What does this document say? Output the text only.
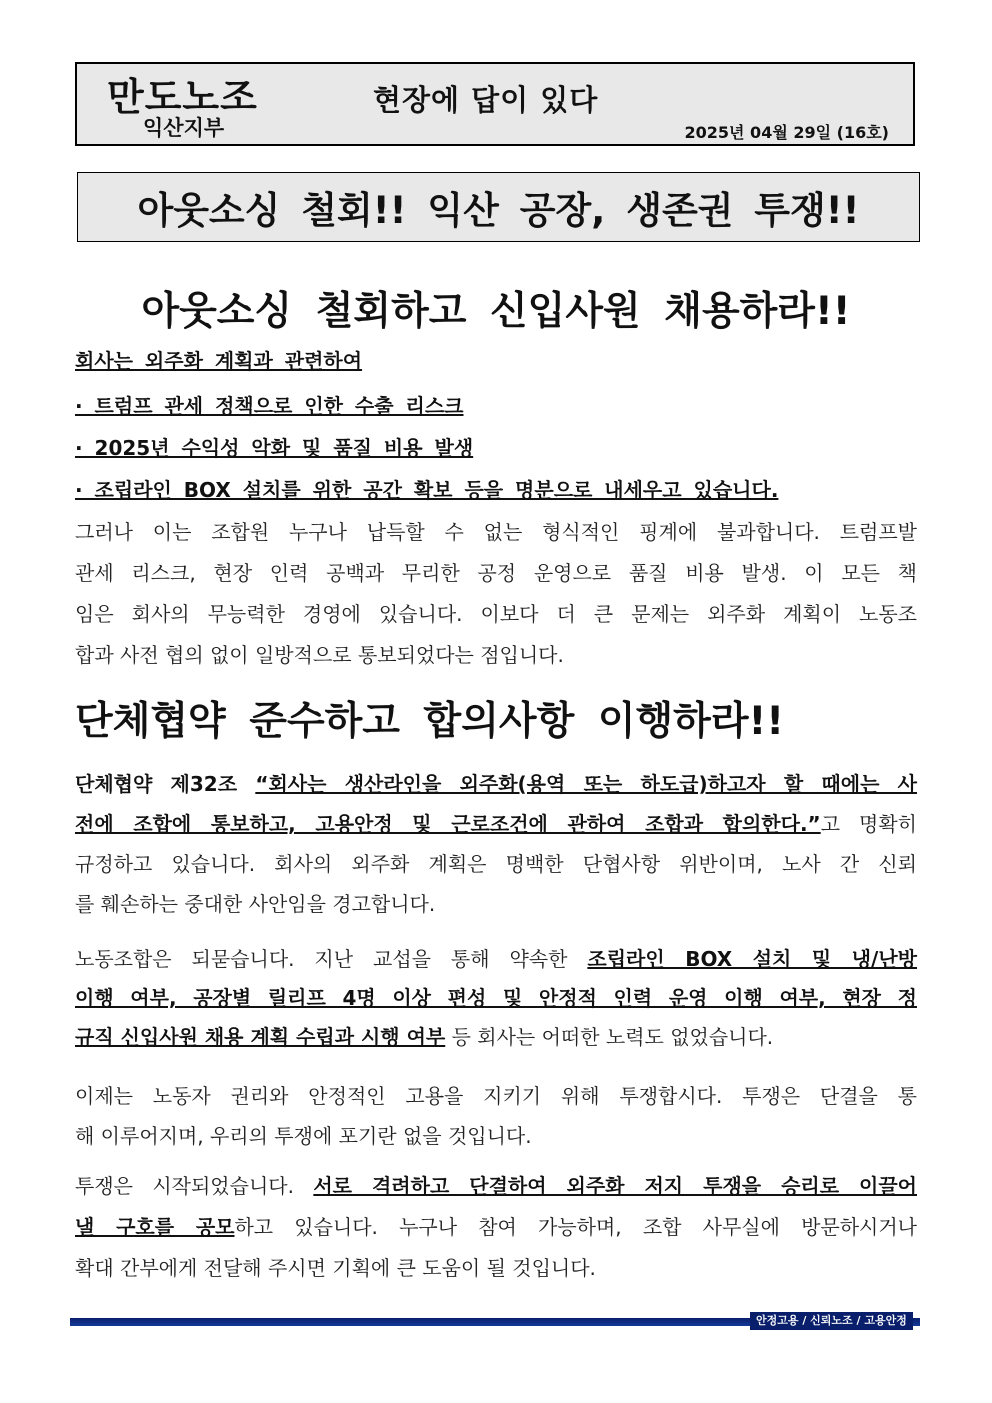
만도노조
익산지부
현장에 답이 있다
2025년 04월 29일 (16호)
아웃소싱 철회!! 익산 공장, 생존권 투쟁!!
아웃소싱 철회하고 신입사원 채용하라!!
회사는 외주화 계획과 관련하여
· 트럼프 관세 정책으로 인한 수출 리스크
· 2025년 수익성 악화 및 품질 비용 발생
· 조립라인 BOX 설치를 위한 공간 확보 등을 명분으로 내세우고 있습니다.
그러나 이는 조합원 누구나 납득할 수 없는 형식적인 핑계에 불과합니다. 트럼프발
관세 리스크, 현장 인력 공백과 무리한 공정 운영으로 품질 비용 발생. 이 모든 책
임은 회사의 무능력한 경영에 있습니다. 이보다 더 큰 문제는 외주화 계획이 노동조
합과 사전 협의 없이 일방적으로 통보되었다는 점입니다.
단체협약 준수하고 합의사항 이행하라!!
단체협약 제32조 “회사는 생산라인을 외주화(용역 또는 하도급)하고자 할 때에는 사
전에 조합에 통보하고, 고용안정 및 근로조건에 관하여 조합과 합의한다.”고 명확히
규정하고 있습니다. 회사의 외주화 계획은 명백한 단협사항 위반이며, 노사 간 신뢰
를 훼손하는 중대한 사안임을 경고합니다.
노동조합은 되묻습니다. 지난 교섭을 통해 약속한 조립라인 BOX 설치 및 냉/난방
이행 여부, 공장별 릴리프 4명 이상 편성 및 안정적 인력 운영 이행 여부, 현장 정
규직 신입사원 채용 계획 수립과 시행 여부 등 회사는 어떠한 노력도 없었습니다.
이제는 노동자 권리와 안정적인 고용을 지키기 위해 투쟁합시다. 투쟁은 단결을 통
해 이루어지며, 우리의 투쟁에 포기란 없을 것입니다.
투쟁은 시작되었습니다. 서로 격려하고 단결하여 외주화 저지 투쟁을 승리로 이끌어
낼 구호를 공모하고 있습니다. 누구나 참여 가능하며, 조합 사무실에 방문하시거나
확대 간부에게 전달해 주시면 기획에 큰 도움이 될 것입니다.
안정고용 / 신뢰노조 / 고용안정
